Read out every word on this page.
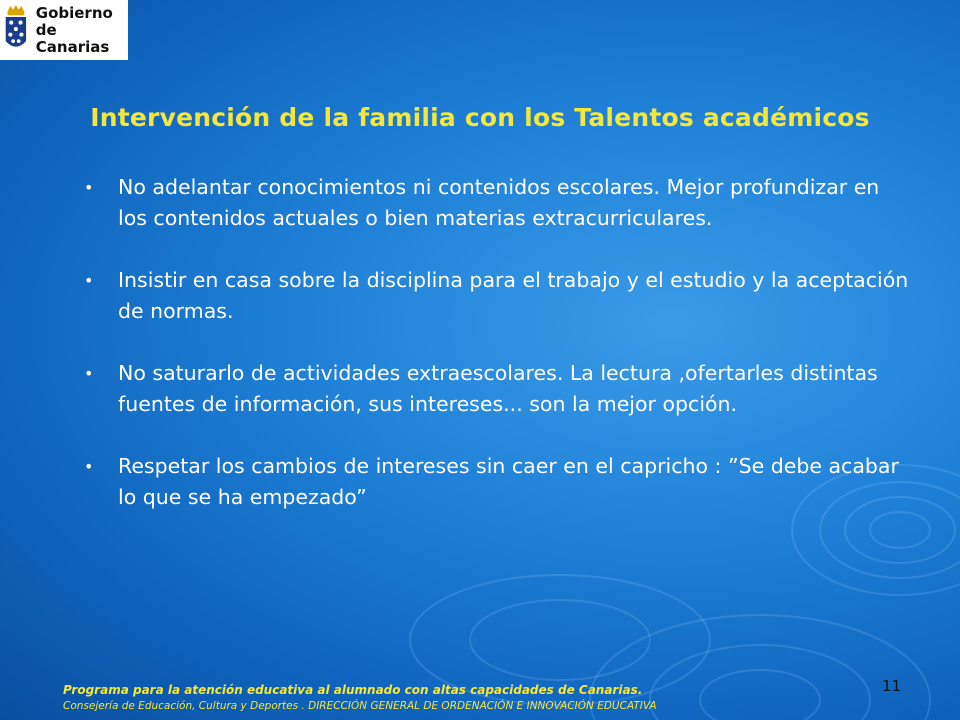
Gobierno
de Canarias
Intervención de la familia con los Talentos académicos
• No adelantar conocimientos ni contenidos escolares. Mejor profundizar en los contenidos actuales o bien materias extracurriculares.
• Insistir en casa sobre la disciplina para el trabajo y el estudio y la aceptación de normas.
• No saturarlo de actividades extraescolares. La lectura ,ofertarles distintas fuentes de información, sus intereses... son la mejor opción.
• Respetar los cambios de intereses sin caer en el capricho : ”Se debe acabar lo que se ha empezado”
Programa para la atención educativa al alumnado con altas capacidades de Canarias.
Consejería de Educación, Cultura y Deportes . DIRECCIÓN GENERAL DE ORDENACIÓN E INNOVACIÓN EDUCATIVA
11
